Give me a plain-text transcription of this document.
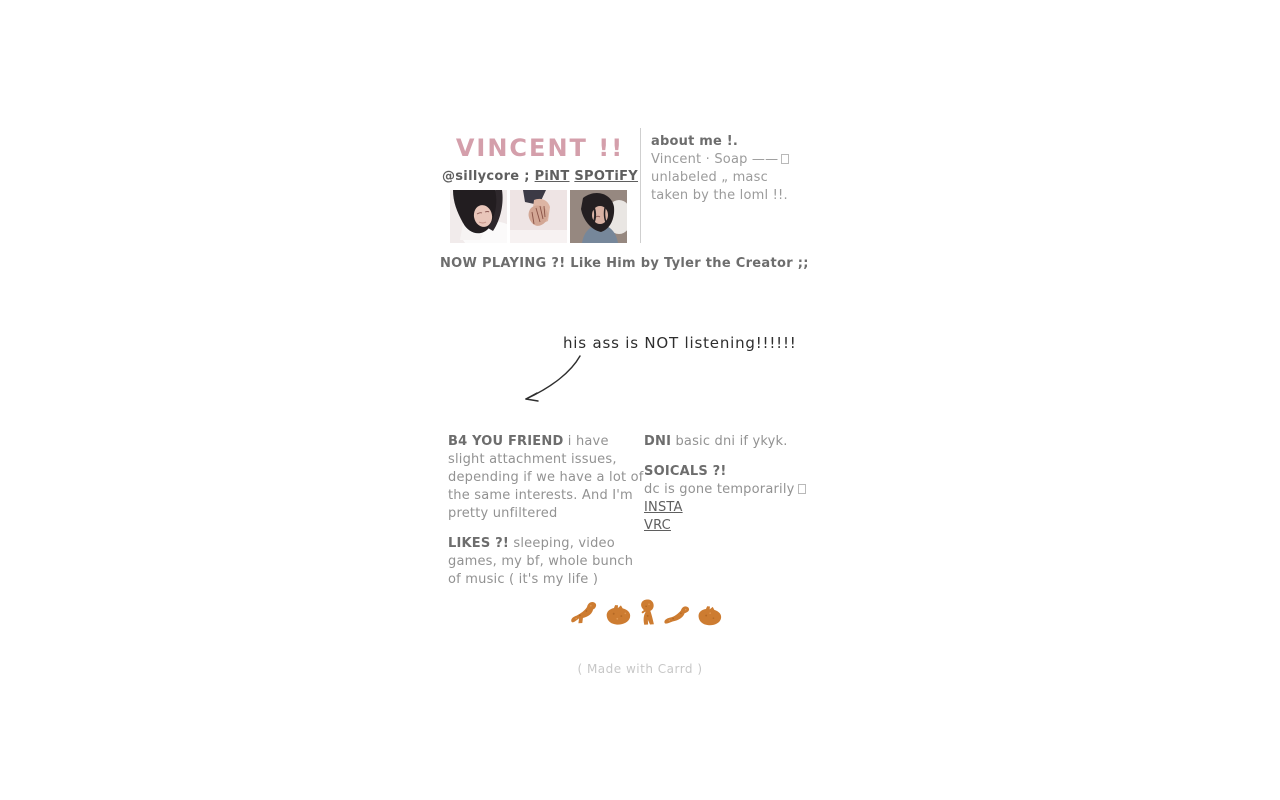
VINCENT !!
@sillycore ; PiNT SPOTiFY
about me !.
Vincent · Soap ——
unlabeled „ masc
taken by the loml !!.
NOW PLAYING ?! Like Him by Tyler the Creator ;;
his ass is NOT listening!!!!!!

B4 YOU FRIEND i have slight attachment issues, depending if we have a lot of the same interests. And I'm pretty unfiltered

LIKES ?! sleeping, video games, my bf, whole bunch of music ( it's my life )

DNI basic dni if ykyk.

SOICALS ?!
dc is gone temporarily
INSTA
VRC
( Made with Carrd )
